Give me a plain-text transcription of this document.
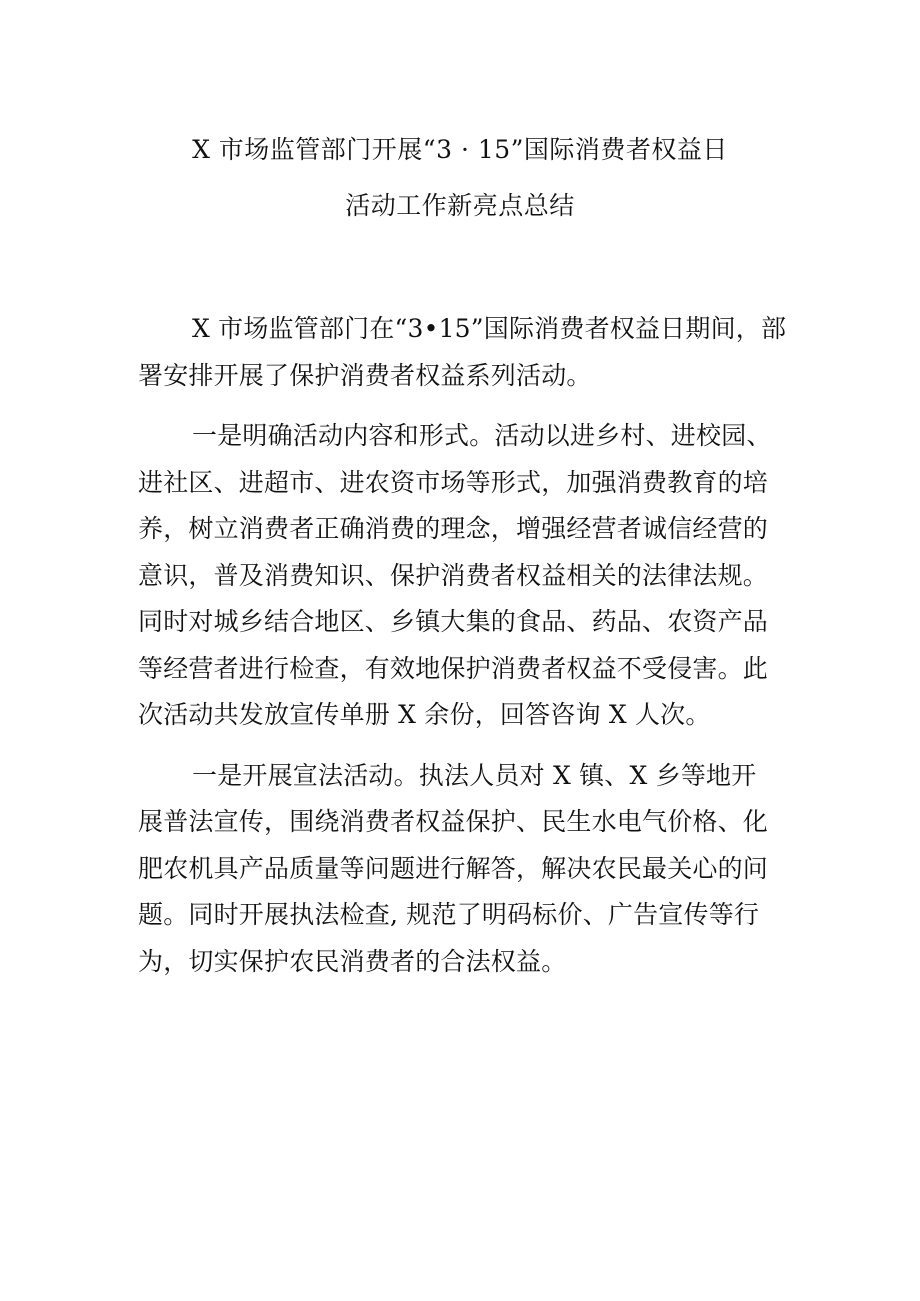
X 市场监管部门开展“3 · 15”国际消费者权益日
活动工作新亮点总结

X 市场监管部门在“3•15”国际消费者权益日期间，部
署安排开展了保护消费者权益系列活动。

一是明确活动内容和形式。活动以进乡村、进校园、
进社区、进超市、进农资市场等形式，加强消费教育的培
养，树立消费者正确消费的理念，增强经营者诚信经营的
意识，普及消费知识、保护消费者权益相关的法律法规。
同时对城乡结合地区、乡镇大集的食品、药品、农资产品
等经营者进行检查，有效地保护消费者权益不受侵害。此
次活动共发放宣传单册 X 余份，回答咨询 X 人次。

一是开展宣法活动。执法人员对 X 镇、X 乡等地开
展普法宣传，围绕消费者权益保护、民生水电气价格、化
肥农机具产品质量等问题进行解答，解决农民最关心的问
题。同时开展执法检查, 规范了明码标价、广告宣传等行
为，切实保护农民消费者的合法权益。
